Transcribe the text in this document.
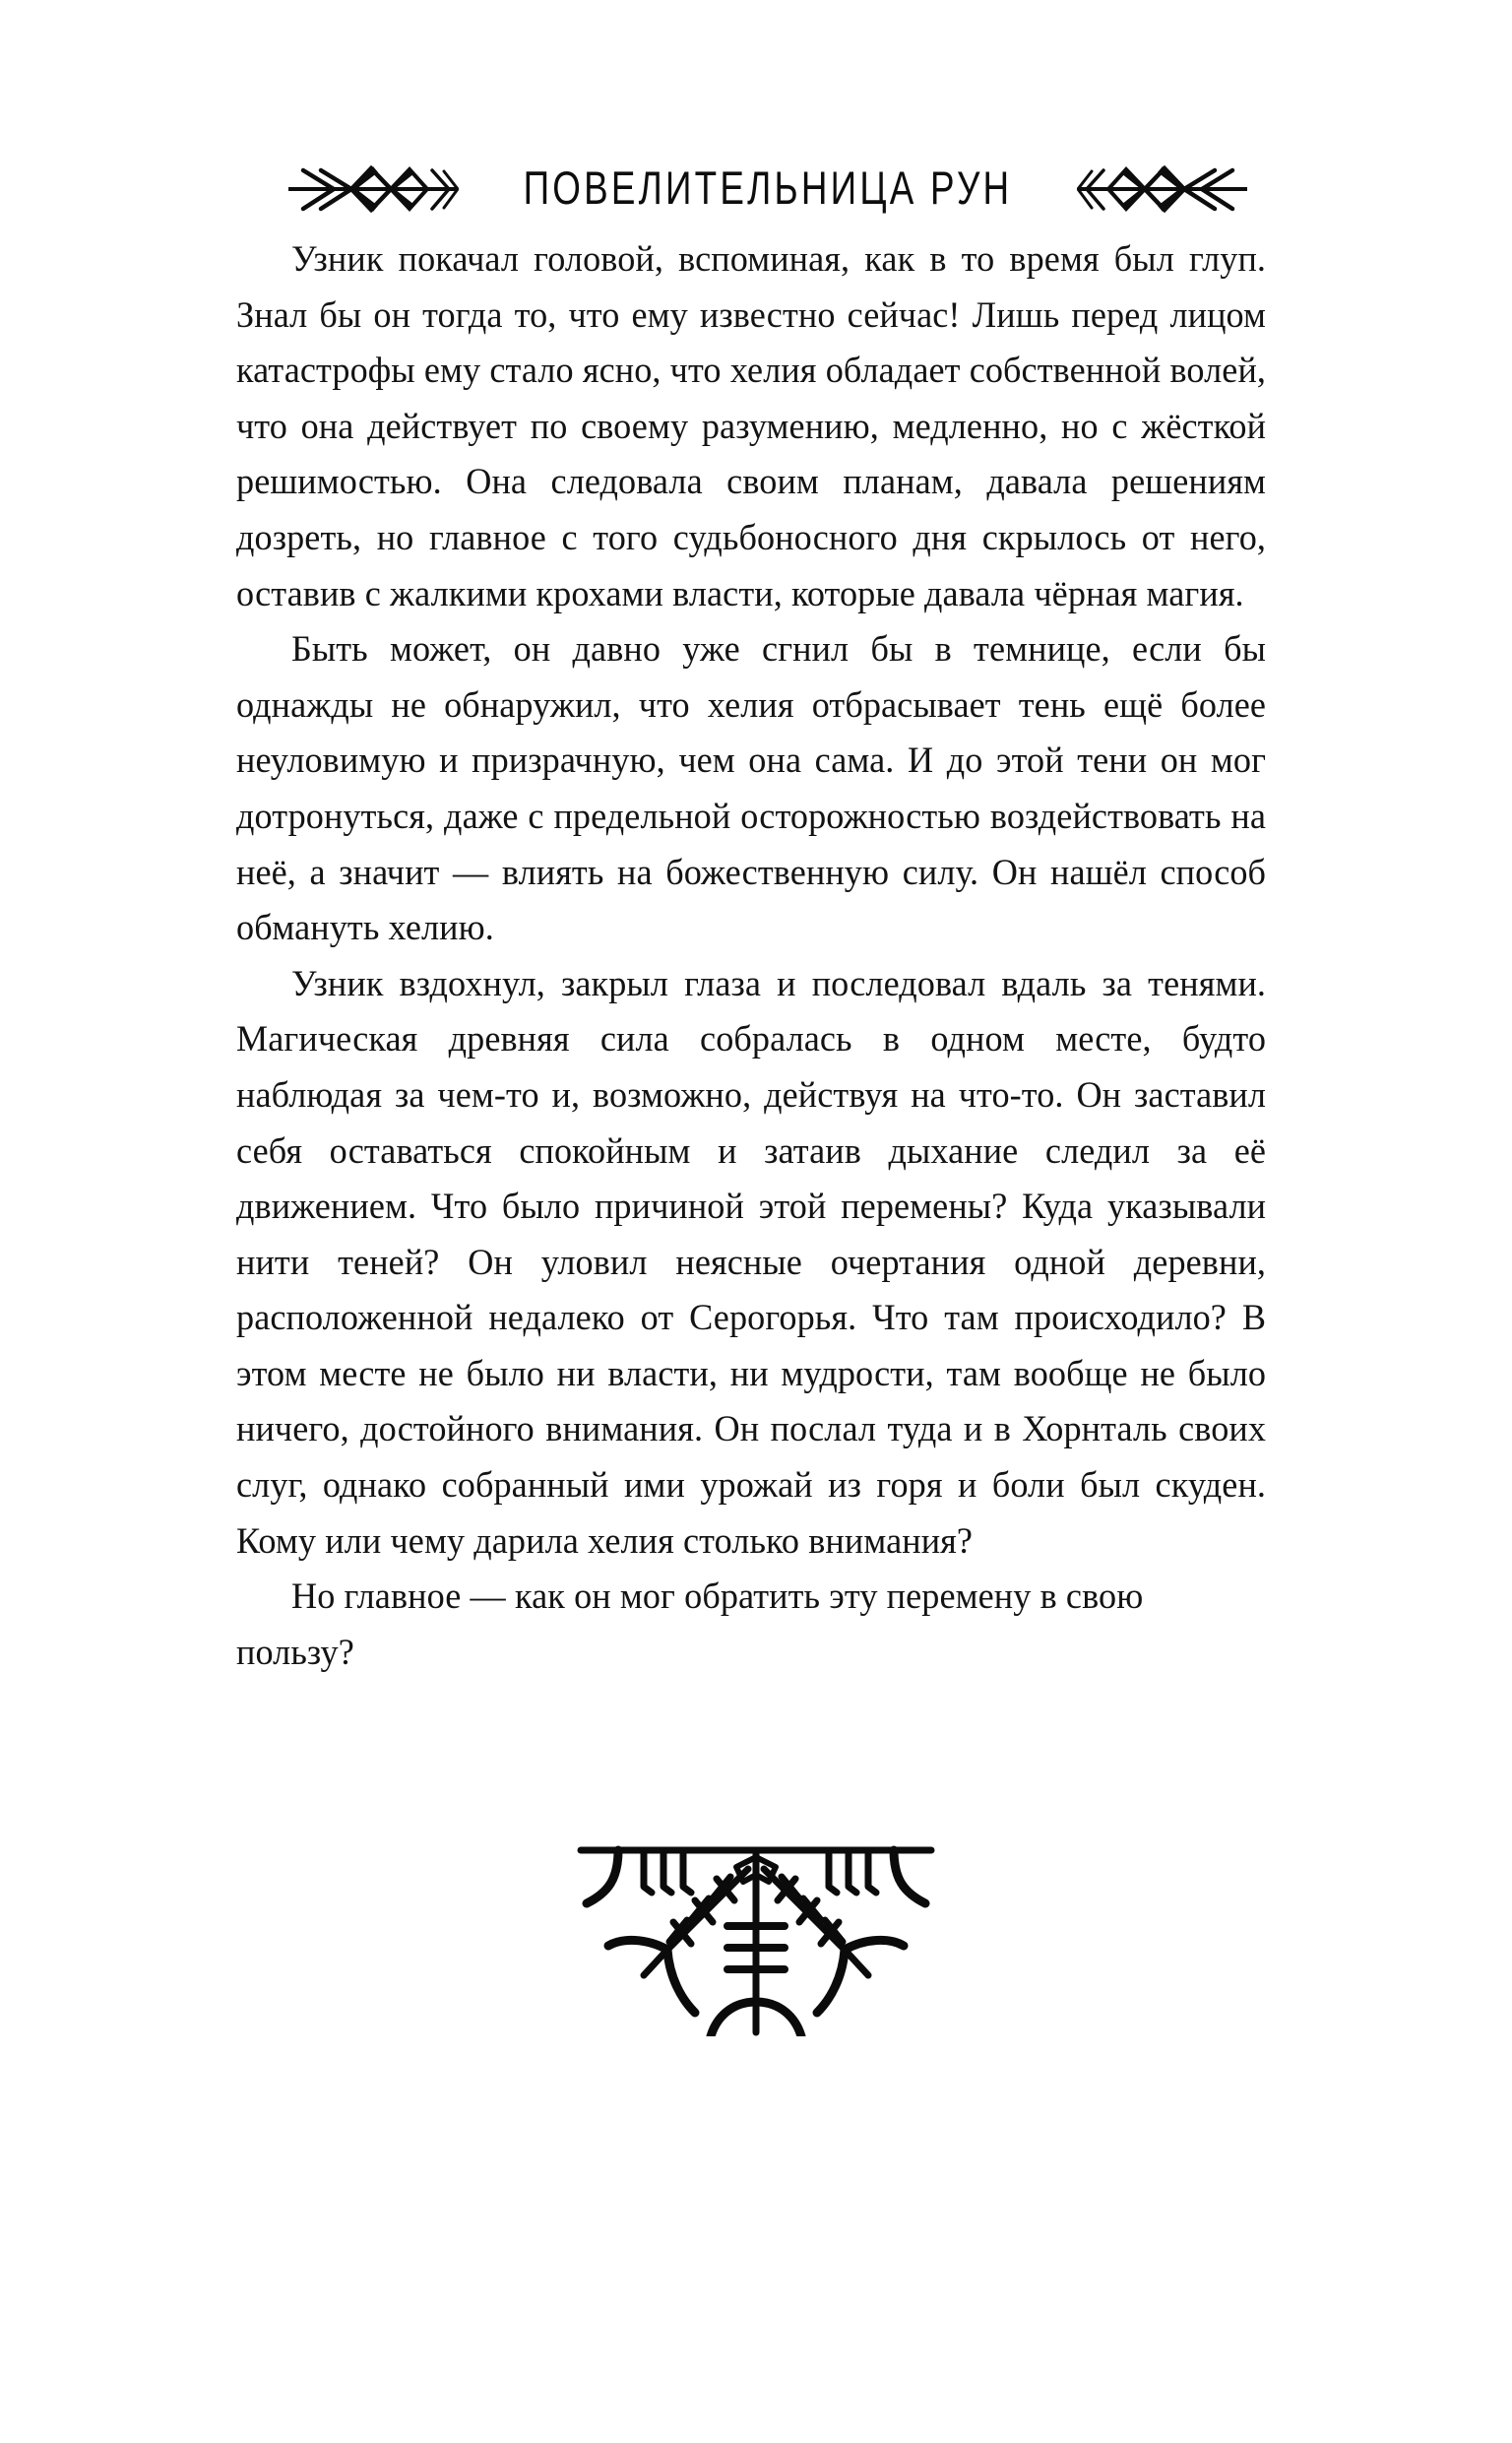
ПОВЕЛИТЕЛЬНИЦА РУН

Узник покачал головой, вспоминая, как в то время был глуп. Знал бы он тогда то, что ему известно сейчас! Лишь перед лицом катастрофы ему стало ясно, что хелия обладает собственной волей, что она действует по своему разумению, медленно, но с жёсткой решимостью. Она следовала своим планам, давала решениям дозреть, но главное с того судьбоносного дня скрылось от него, оставив с жалкими крохами власти, которые давала чёрная магия.

Быть может, он давно уже сгнил бы в темнице, если бы однажды не обнаружил, что хелия отбрасывает тень ещё более неуловимую и призрачную, чем она сама. И до этой тени он мог дотронуться, даже с предельной осторожностью воздействовать на неё, а значит — влиять на божественную силу. Он нашёл способ обмануть хелию.

Узник вздохнул, закрыл глаза и последовал вдаль за тенями. Магическая древняя сила собралась в одном месте, будто наблюдая за чем-то и, возможно, действуя на что-то. Он заставил себя оставаться спокойным и затаив дыхание следил за её движением. Что было причиной этой перемены? Куда указывали нити теней? Он уловил неясные очертания одной деревни, расположенной недалеко от Серогорья. Что там происходило? В этом месте не было ни власти, ни мудрости, там вообще не было ничего, достойного внимания. Он послал туда и в Хорнталь своих слуг, однако собранный ими урожай из горя и боли был скуден. Кому или чему дарила хелия столько внимания?

Но главное — как он мог обратить эту перемену в свою пользу?
